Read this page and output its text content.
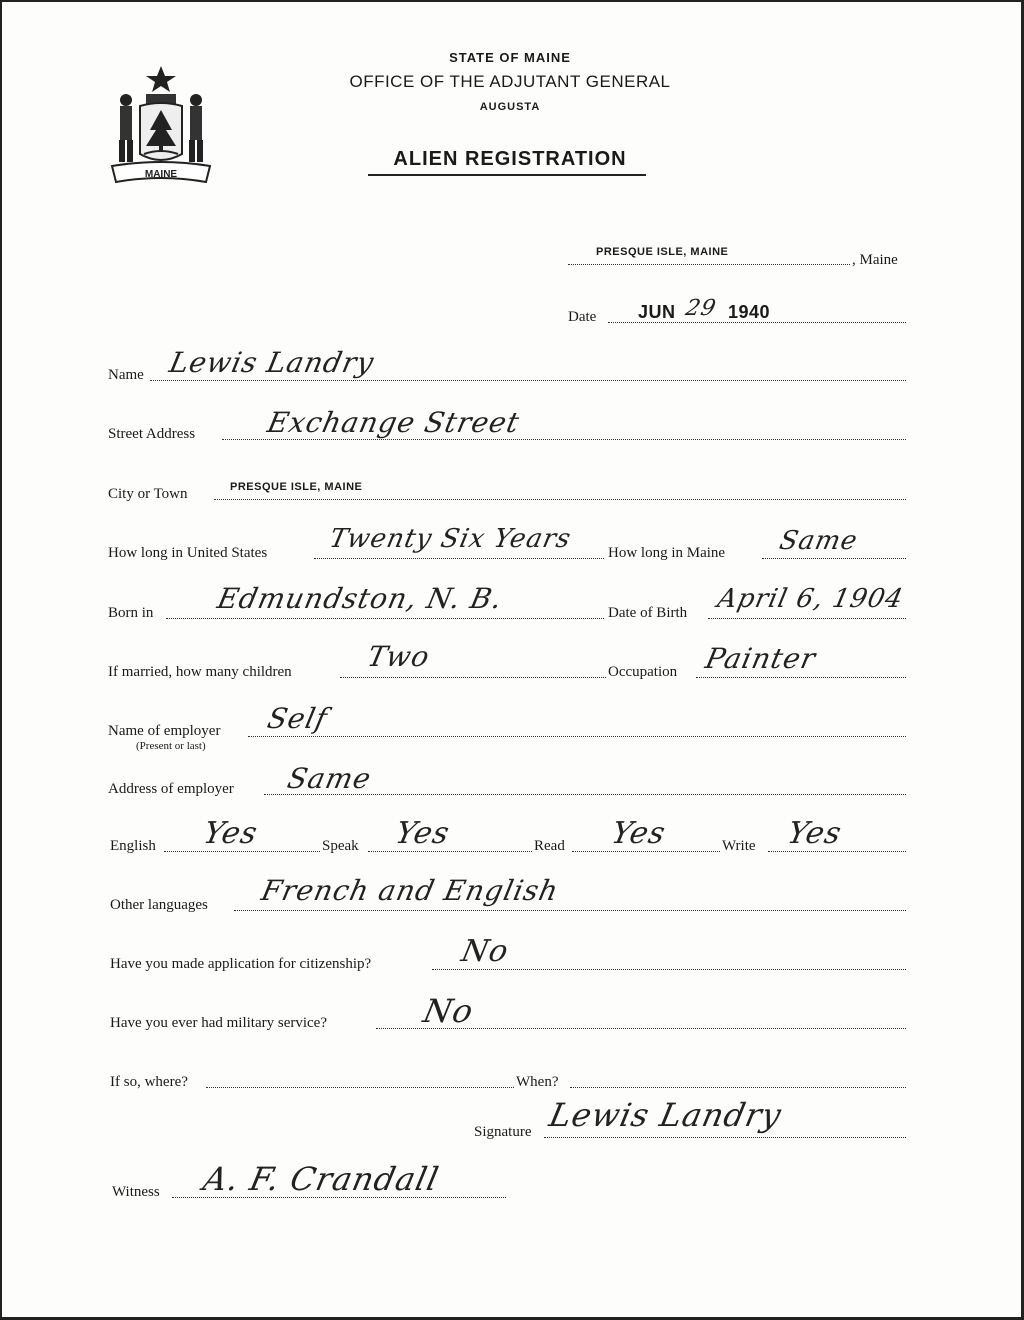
MAINE
STATE OF MAINE
OFFICE OF THE ADJUTANT GENERAL
AUGUSTA
ALIEN REGISTRATION
PRESQUE ISLE, MAINE	, Maine
Date JUN 29 1940
Name Lewis Landry
Street Address Exchange Street
City or Town	PRESQUE ISLE, MAINE
How long in United States Twenty Six Years How long in Maine Same
Born in Edmundston, N. B.	Date of Birth April 6, 1904
If married, how many children	Two	Occupation Painter
Name of employer
(Present or last)
Self
Address of employer Same
English Yes	Speak Yes	Read Yes	Write Yes
Other languages French and English
Have you made application for citizenship?	No
Have you ever had military service?	No
If so, where?	When?
Signature Lewis Landry
Witness A. F. Crandall
